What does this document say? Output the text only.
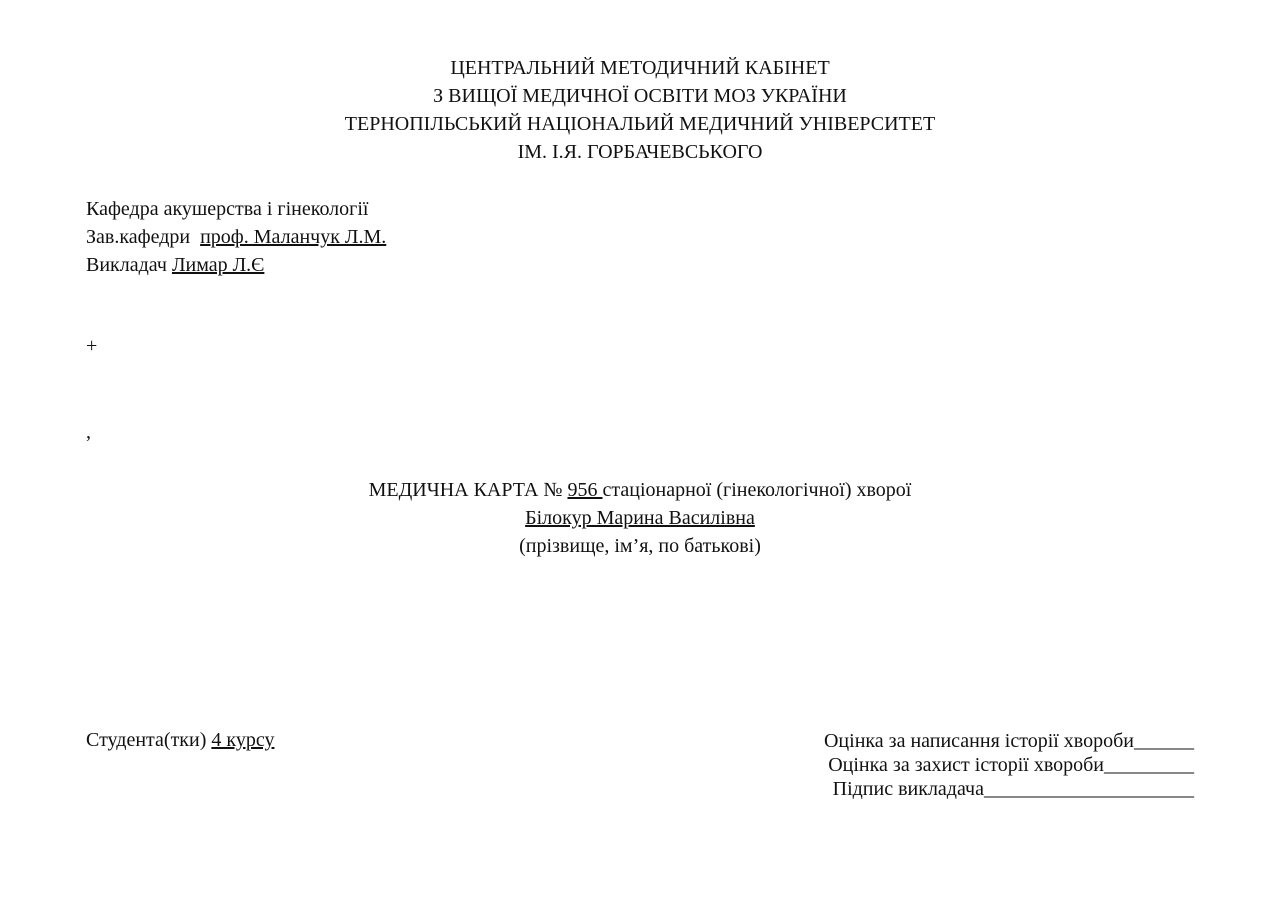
ЦЕНТРАЛЬНИЙ МЕТОДИЧНИЙ КАБІНЕТ
З ВИЩОЇ МЕДИЧНОЇ ОСВІТИ МОЗ УКРАЇНИ
ТЕРНОПІЛЬСЬКИЙ НАЦІОНАЛЬИЙ МЕДИЧНИЙ УНІВЕРСИТЕТ
ІМ. І.Я. ГОРБАЧЕВСЬКОГО
Кафедра акушерства і гінекології
Зав.кафедри проф. Маланчук Л.М.
Викладач Лимар Л.Є
+
,
МЕДИЧНА КАРТА № 956 стаціонарної (гінекологічної) хворої
Білокур Марина Василівна
(прізвище, ім’я, по батькові)
Студента(тки) 4 курсу	Оцінка за написання історії хвороби______
Оцінка за захист історії хвороби_________
Підпис викладача_____________________
